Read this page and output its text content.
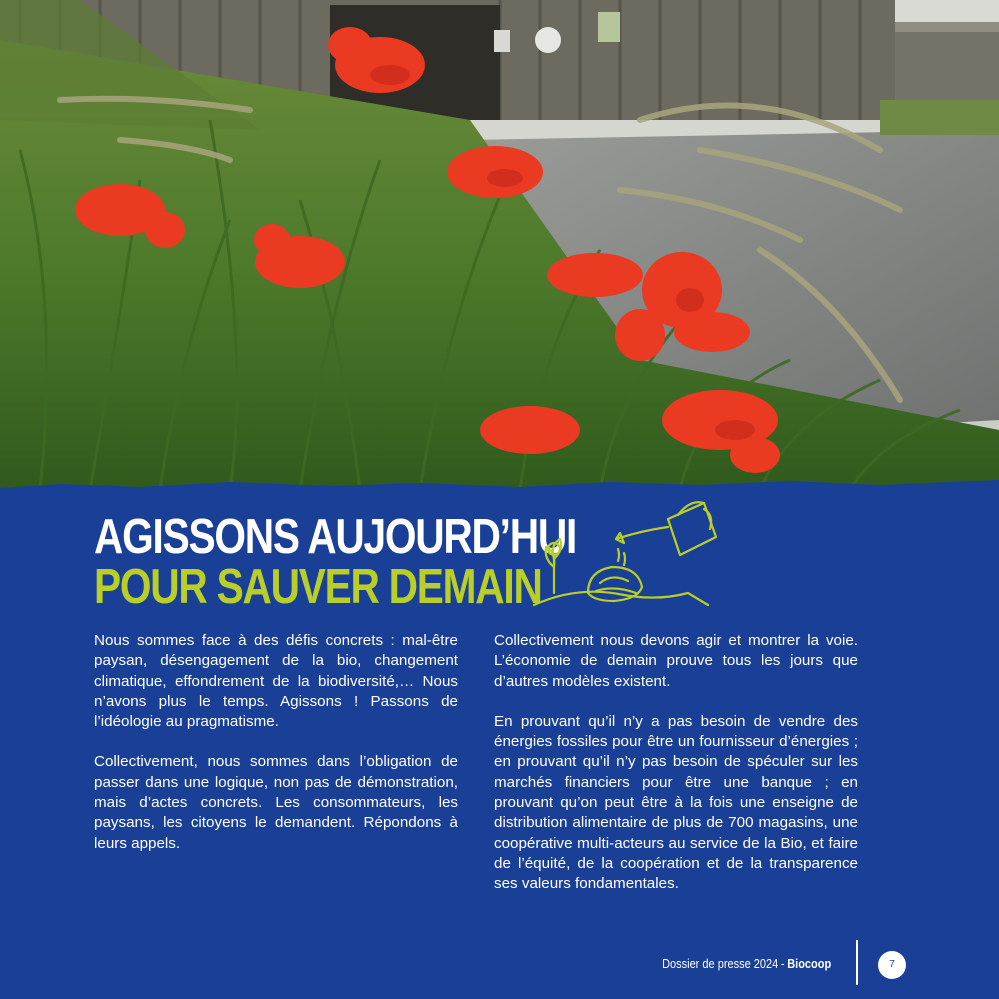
AGISSONS AUJOURD’HUI
POUR SAUVER DEMAIN

Nous sommes face à des défis concrets : mal-être paysan, désengagement de la bio, changement climatique, effondrement de la biodiversité,… Nous n’avons plus le temps. Agissons ! Passons de l’idéologie au pragmatisme.

Collectivement, nous sommes dans l’obligation de passer dans une logique, non pas de démonstration, mais d’actes concrets. Les consommateurs, les paysans, les citoyens le demandent. Répondons à leurs appels.

Collectivement nous devons agir et montrer la voie. L’économie de demain prouve tous les jours que d’autres modèles existent.

En prouvant qu’il n’y a pas besoin de vendre des énergies fossiles pour être un fournisseur d’énergies ; en prouvant qu’il n’y pas besoin de spéculer sur les marchés financiers pour être une banque ; en prouvant qu’on peut être à la fois une enseigne de distribution alimentaire de plus de 700 magasins, une coopérative multi-acteurs au service de la Bio, et faire de l’équité, de la coopération et de la transparence ses valeurs fondamentales.

Dossier de presse 2024 - Biocoop	7
